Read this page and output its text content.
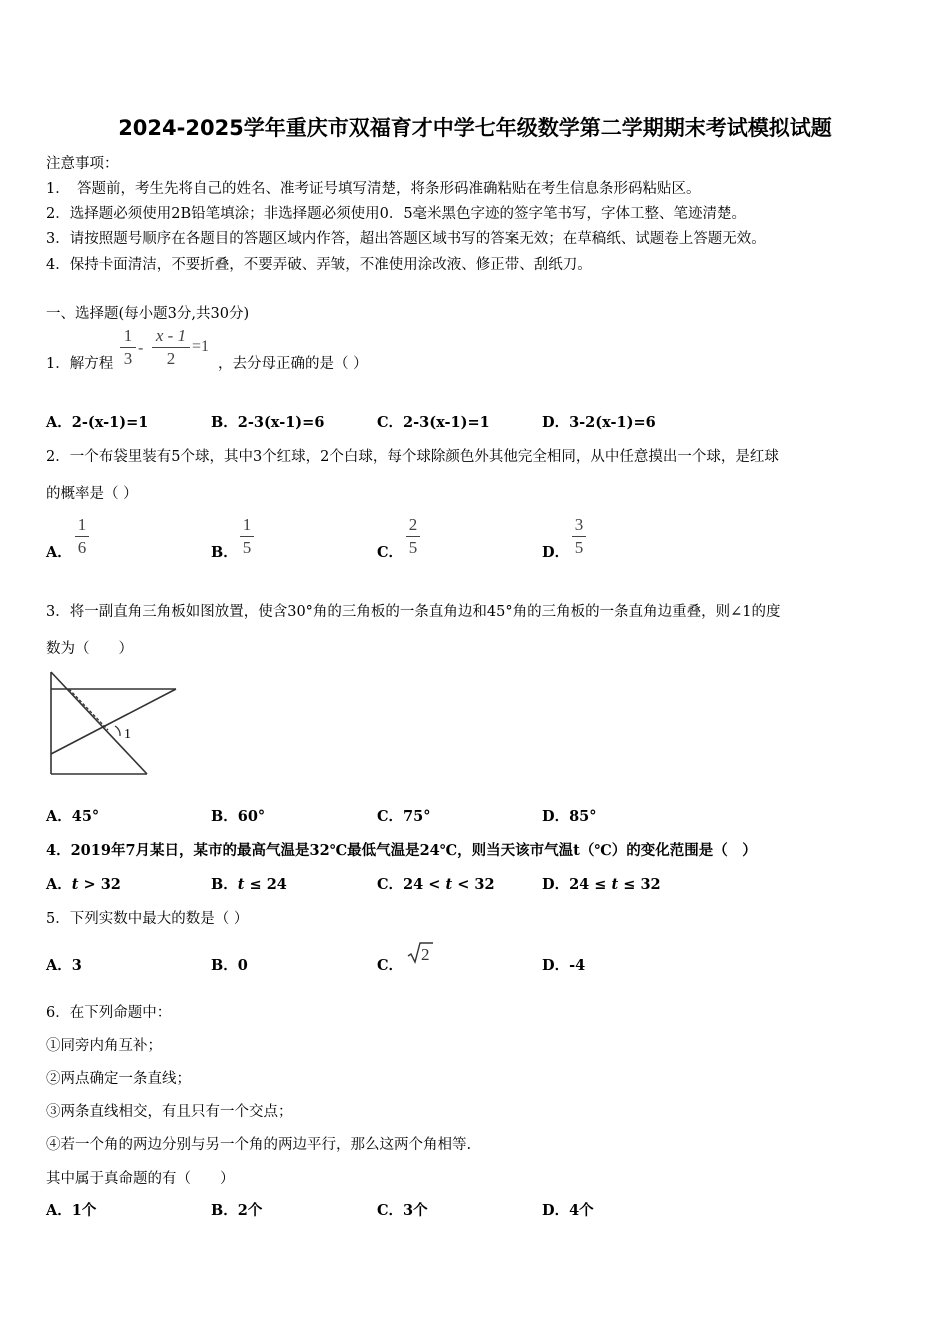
2024-2025学年重庆市双福育才中学七年级数学第二学期期末考试模拟试题
注意事项：
1．　答题前，考生先将自己的姓名、准考证号填写清楚，将条形码准确粘贴在考生信息条形码粘贴区。
2．选择题必须使用2B铅笔填涂；非选择题必须使用0．5毫米黑色字迹的签字笔书写，字体工整、笔迹清楚。
3．请按照题号顺序在各题目的答题区域内作答，超出答题区域书写的答案无效；在草稿纸、试题卷上答题无效。
4．保持卡面清洁，不要折叠，不要弄破、弄皱，不准使用涂改液、修正带、刮纸刀。
一、选择题(每小题3分,共30分)
1．解方程
1
3
-
x - 1
2
=1
，去分母正确的是（ ）
A．2-(x-1)=1	B．2-3(x-1)=6	C．2-3(x-1)=1	D．3-2(x-1)=6
2．一个布袋里装有5个球，其中3个红球，2个白球，每个球除颜色外其他完全相同，从中任意摸出一个球，是红球
的概率是（ ）
A．
1
6	B．
1
5	C．
2
5	D．
3
5
3．将一副直角三角板如图放置，使含30°角的三角板的一条直角边和45°角的三角板的一条直角边重叠，则∠1的度
数为（　　）
1
A．45°	B．60°	C．75°	D．85°
4．2019年7月某日，某市的最高气温是32℃最低气温是24℃，则当天该市气温t（℃）的变化范围是（　）
A．t > 32	B．t ≤ 24	C．24 < t < 32	D．24 ≤ t ≤ 32
5．下列实数中最大的数是（ ）
A．3	B．0	C．
2
D．-4
6．在下列命题中：
①同旁内角互补；
②两点确定一条直线；
③两条直线相交，有且只有一个交点；
④若一个角的两边分别与另一个角的两边平行，那么这两个角相等.
其中属于真命题的有（　　）
A．1个	B．2个	C．3个	D．4个
